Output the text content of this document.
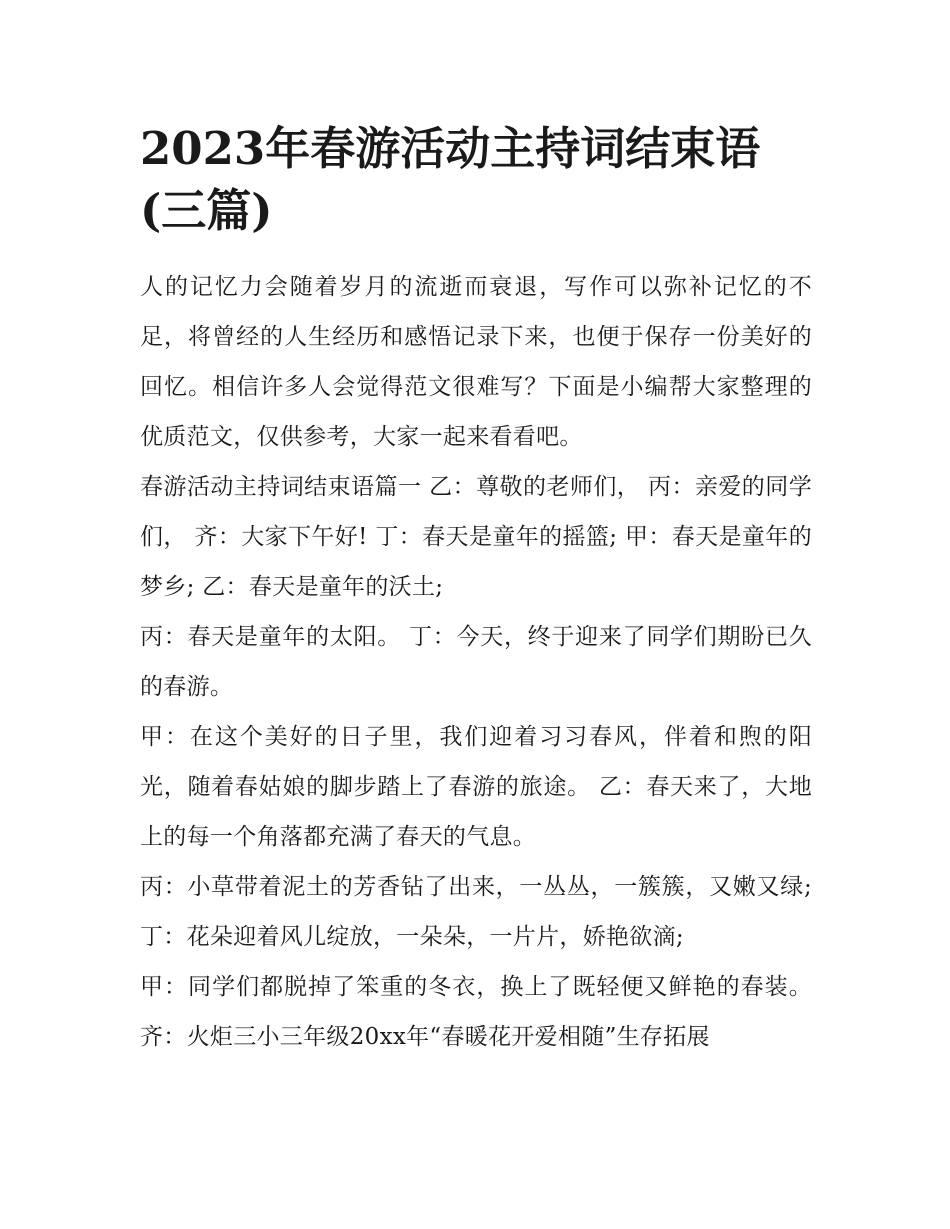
2023年春游活动主持词结束语(三篇)

人的记忆力会随着岁月的流逝而衰退，写作可以弥补记忆的不足，将曾经的人生经历和感悟记录下来，也便于保存一份美好的回忆。相信许多人会觉得范文很难写？下面是小编帮大家整理的优质范文，仅供参考，大家一起来看看吧。

春游活动主持词结束语篇一 乙：尊敬的老师们， 丙：亲爱的同学们， 齐：大家下午好! 丁：春天是童年的摇篮; 甲：春天是童年的梦乡; 乙：春天是童年的沃土;

丙：春天是童年的太阳。 丁：今天，终于迎来了同学们期盼已久的春游。

甲：在这个美好的日子里，我们迎着习习春风，伴着和煦的阳光，随着春姑娘的脚步踏上了春游的旅途。 乙：春天来了，大地上的每一个角落都充满了春天的气息。

丙：小草带着泥土的芳香钻了出来，一丛丛，一簇簇，又嫩又绿; 丁：花朵迎着风儿绽放，一朵朵，一片片，娇艳欲滴;

甲：同学们都脱掉了笨重的冬衣，换上了既轻便又鲜艳的春装。 齐：火炬三小三年级20xx年“春暖花开爱相随”生存拓展
